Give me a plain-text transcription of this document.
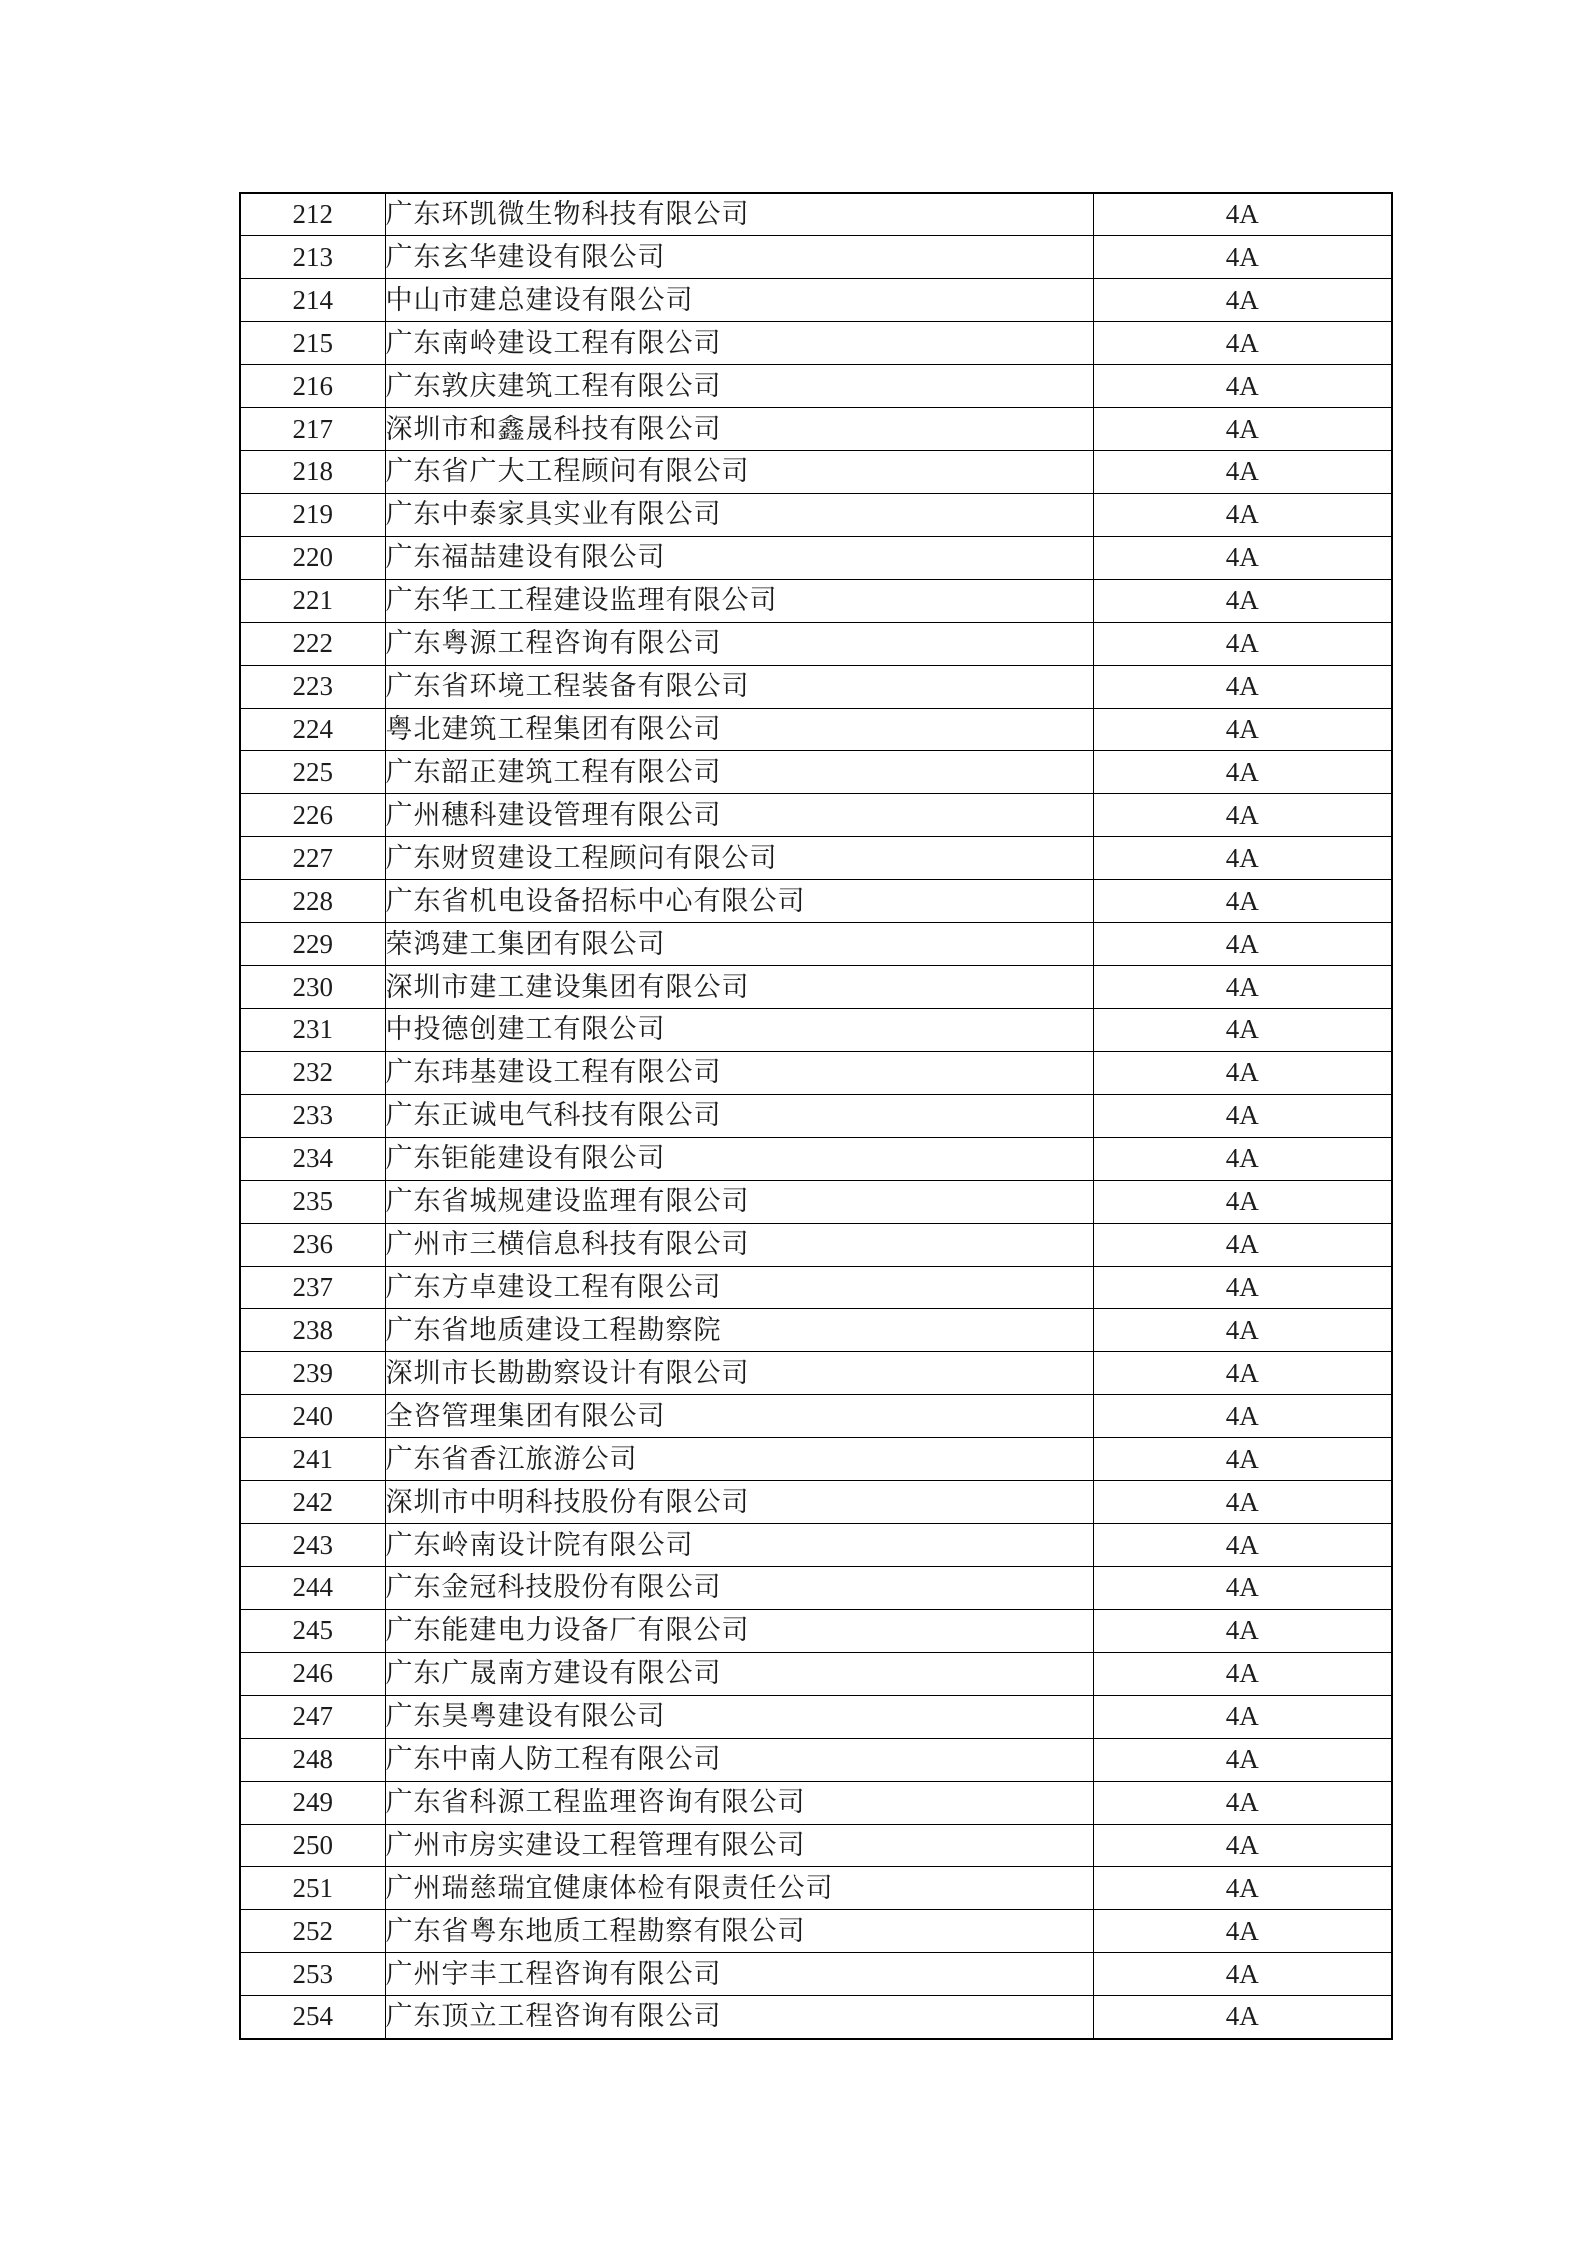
212	广东环凯微生物科技有限公司	4A
213	广东玄华建设有限公司	4A
214	中山市建总建设有限公司	4A
215	广东南岭建设工程有限公司	4A
216	广东敦庆建筑工程有限公司	4A
217	深圳市和鑫晟科技有限公司	4A
218	广东省广大工程顾问有限公司	4A
219	广东中泰家具实业有限公司	4A
220	广东福喆建设有限公司	4A
221	广东华工工程建设监理有限公司	4A
222	广东粤源工程咨询有限公司	4A
223	广东省环境工程装备有限公司	4A
224	粤北建筑工程集团有限公司	4A
225	广东韶正建筑工程有限公司	4A
226	广州穗科建设管理有限公司	4A
227	广东财贸建设工程顾问有限公司	4A
228	广东省机电设备招标中心有限公司	4A
229	荣鸿建工集团有限公司	4A
230	深圳市建工建设集团有限公司	4A
231	中投德创建工有限公司	4A
232	广东玮基建设工程有限公司	4A
233	广东正诚电气科技有限公司	4A
234	广东钜能建设有限公司	4A
235	广东省城规建设监理有限公司	4A
236	广州市三横信息科技有限公司	4A
237	广东方卓建设工程有限公司	4A
238	广东省地质建设工程勘察院	4A
239	深圳市长勘勘察设计有限公司	4A
240	全咨管理集团有限公司	4A
241	广东省香江旅游公司	4A
242	深圳市中明科技股份有限公司	4A
243	广东岭南设计院有限公司	4A
244	广东金冠科技股份有限公司	4A
245	广东能建电力设备厂有限公司	4A
246	广东广晟南方建设有限公司	4A
247	广东昊粤建设有限公司	4A
248	广东中南人防工程有限公司	4A
249	广东省科源工程监理咨询有限公司	4A
250	广州市房实建设工程管理有限公司	4A
251	广州瑞慈瑞宜健康体检有限责任公司	4A
252	广东省粤东地质工程勘察有限公司	4A
253	广州宇丰工程咨询有限公司	4A
254	广东顶立工程咨询有限公司	4A
